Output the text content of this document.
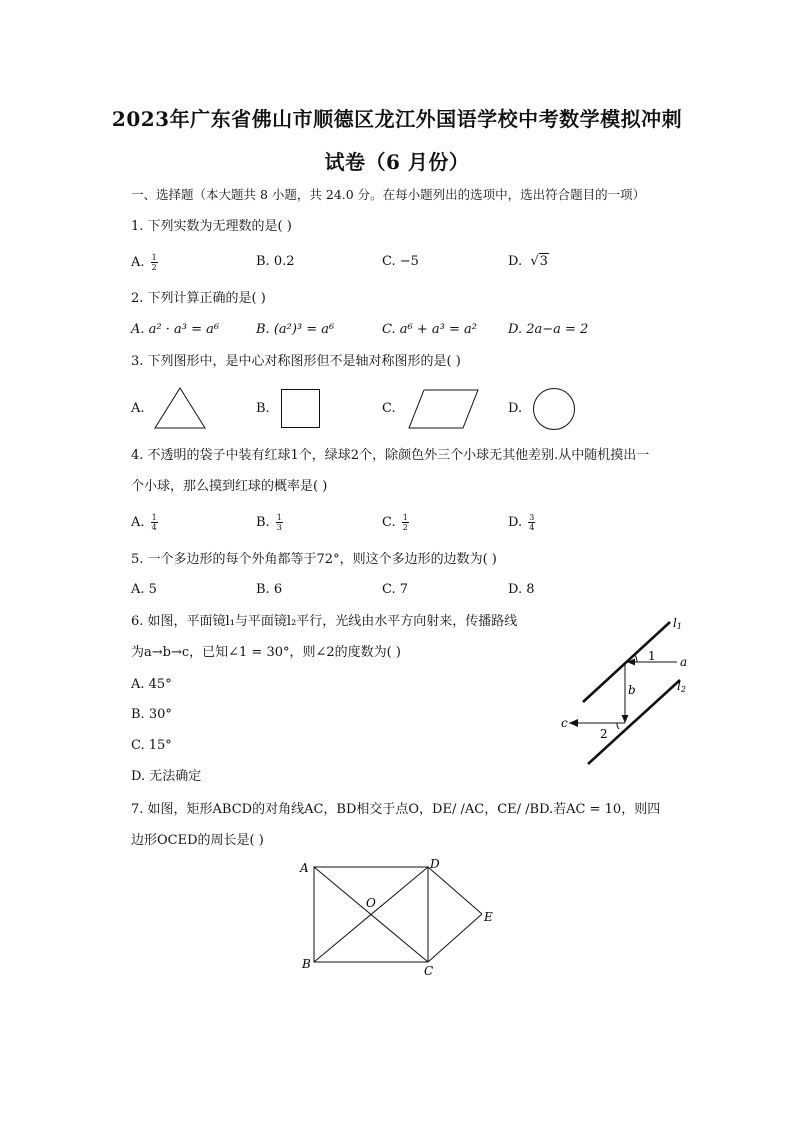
2023年广东省佛山市顺德区龙江外国语学校中考数学模拟冲刺
试卷（6 月份）
一、选择题（本大题共 8 小题，共 24.0 分。在每小题列出的选项中，选出符合题目的一项）
1. 下列实数为无理数的是( )
A. $\frac{1}{2}$	B. 0.2	C. −5	D.  √3
2. 下列计算正确的是( )
A. a² · a³ = a⁶	B. (a²)³ = a⁶	C. a⁶ + a³ = a² D. 2a−a = 2
3. 下列图形中，是中心对称图形但不是轴对称图形的是( )
A.	B.	C.	D.
4. 不透明的袋子中装有红球1个，绿球2个，除颜色外三个小球无其他差别.从中随机摸出一
个小球，那么摸到红球的概率是( )
A. $\frac{1}{4}$	B. $\frac{1}{3}$	C. $\frac{1}{2}$	D. $\frac{3}{4}$
5. 一个多边形的每个外角都等于72°，则这个多边形的边数为( )
A. 5	B. 6	C. 7	D. 8
6. 如图，平面镜l₁与平面镜l₂平行，光线由水平方向射来，传播路线
为a→b→c，已知∠1 = 30°，则∠2的度数为( )
A. 45°
B. 30°
C. 15°
D. 无法确定
l1
l2
a
b
c
1
2
7. 如图，矩形ABCD的对角线AC，BD相交于点O，DE/ /AC，CE/ /BD.若AC = 10，则四
边形OCED的周长是( )
A
B	C
D
O
E
